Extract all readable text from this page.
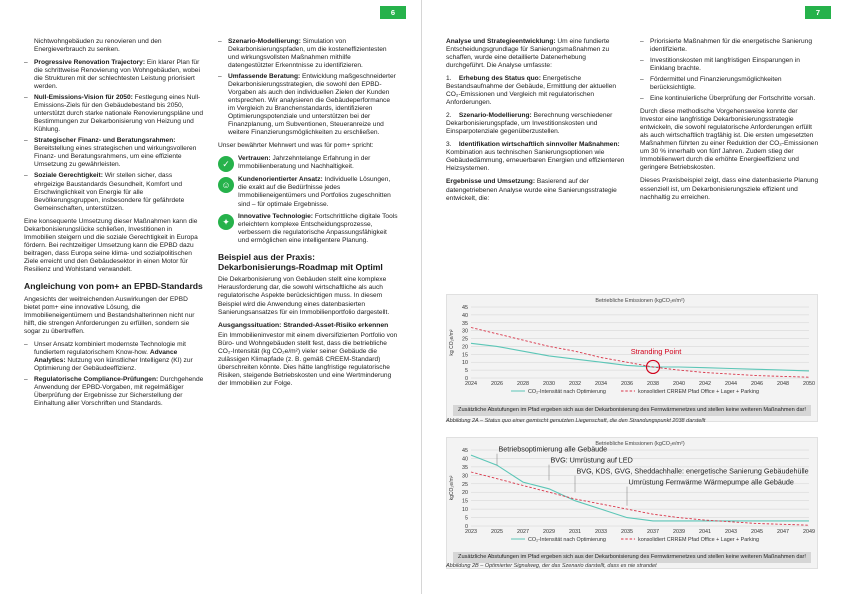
6

Nichtwohngebäuden zu renovieren und den Energieverbrauch zu senken.

– Progressive Renovation Trajectory: Ein klarer Plan für die schrittweise Renovierung von Wohngebäuden, wobei die Strukturen mit der schlechtesten Leistung priorisiert werden.
– Null-Emissions-Vision für 2050: Festlegung eines Null-Emissions-Ziels für den Gebäudebestand bis 2050, unterstützt durch starke nationale Renovierungspläne und Bestimmungen zur Dekarbonisierung von Heizung und Kühlung.
– Strategischer Finanz- und Beratungsrahmen: Bereitstellung eines strategischen und wirkungsvolleren Finanz- und Beratungsrahmens, um eine effiziente Umsetzung zu gewährleisten.
– Soziale Gerechtigkeit: Wir stellen sicher, dass ehrgeizige Baustandards Gesundheit, Komfort und Erschwinglichkeit von Energie für alle Bevölkerungsgruppen, insbesondere für gefährdete Gemeinschaften, unterstützen.

Eine konsequente Umsetzung dieser Maßnahmen kann die Dekarbonisierungslücke schließen, Investitionen in Immobilien steigern und die soziale Gerechtigkeit in Europa fördern. Bei rechtzeitiger Umsetzung kann die EPBD dazu beitragen, dass Europa seine klima- und sozialpolitischen Ziele erreicht und den Gebäudesektor in einen Motor für Resilienz und Wohlstand verwandelt.

Angleichung von pom+ an EPBD-Standards

Angesichts der weitreichenden Auswirkungen der EPBD bietet pom+ eine innovative Lösung, die Immobilieneigentümern und Bestandshalterinnen nicht nur hilft, die strengen Anforderungen zu erfüllen, sondern sie sogar zu übertreffen.

– Unser Ansatz kombiniert modernste Technologie mit fundiertem regulatorischem Know-how. Advance Analytics: Nutzung von künstlicher Intelligenz (KI) zur Optimierung der Gebäudeeffizienz.
– Regulatorische Compliance-Prüfungen: Durchgehende Anwendung der EPBD-Vorgaben, mit regelmäßiger Überprüfung der Ergebnisse zur Sicherstellung der Einhaltung aller Vorschriften und Standards.
– Szenario-Modellierung: Simulation von Dekarbonisierungspfaden, um die kosteneffizientesten und wirkungsvollsten Maßnahmen mithilfe datengestützter Erkenntnisse zu identifizieren.
– Umfassende Beratung: Entwicklung maßgeschneiderter Dekarbonisierungsstrategien, die sowohl den EPBD-Vorgaben als auch den individuellen Zielen der Kunden entsprechen. Wir analysieren die Gebäudeperformance im Vergleich zu Branchenstandards, identifizieren Optimierungspotenziale und unterstützen bei der Finanzplanung, um Subventionen, Steueranreize und weitere Finanzierungsmöglichkeiten zu erschließen.

Unser bewährter Mehrwert und was für pom+ spricht:

✓
Vertrauen: Jahrzehntelange Erfahrung in der Immobilienberatung und Nachhaltigkeit.
☺
Kundenorientierter Ansatz: Individuelle Lösungen, die exakt auf die Bedürfnisse jedes Immobilieneigentümers und Portfolios zugeschnitten sind – für optimale Ergebnisse.
✦
Innovative Technologie: Fortschrittliche digitale Tools erleichtern komplexe Entscheidungsprozesse, verbessern die regulatorische Anpassungsfähigkeit und ermöglichen eine intelligentere Planung.
Beispiel aus der Praxis: Dekarbonisierungs-Roadmap mit OptimI

Die Dekarbonisierung von Gebäuden stellt eine komplexe Herausforderung dar, die sowohl wirtschaftliche als auch regulatorische Aspekte berücksichtigen muss. In diesem Beispiel wird die Anwendung eines datenbasierten Sanierungsansatzes für ein Immobilienportfolio dargestellt.

Ausgangssituation: Stranded-Asset-Risiko erkennen

Ein Immobilieninvestor mit einem diversifizierten Portfolio von Büro- und Wohngebäuden stellt fest, dass die betriebliche CO₂-Intensität (kg CO₂e/m²) vieler seiner Gebäude die zulässigen Klimapfade (z. B. gemäß CREEM-Standard) überschreiten könnte. Dies hätte langfristige regulatorische Risiken, steigende Betriebskosten und eine Wertminderung der Immobilien zur Folge.

7

Analyse und Strategieentwicklung: Um eine fundierte Entscheidungsgrundlage für Sanierungsmaßnahmen zu schaffen, wurde eine detaillierte Datenerhebung durchgeführt. Die Analyse umfasste:

1. Erhebung des Status quo: Energetische Bestandsaufnahme der Gebäude, Ermittlung der aktuellen CO₂-Emissionen und Vergleich mit regulatorischen Anforderungen.
2. Szenario-Modellierung: Berechnung verschiedener Dekarbonisierungspfade, um Investitionskosten und Einsparpotenziale gegenüberzustellen.
3. Identifikation wirtschaftlich sinnvoller Maßnahmen: Kombination aus technischen Sanierungsoptionen wie Gebäudedämmung, erneuerbaren Energien und effizienteren Heizsystemen.

Ergebnisse und Umsetzung: Basierend auf der datengetriebenen Analyse wurde eine Sanierungsstrategie entwickelt, die:

– Priorisierte Maßnahmen für die energetische Sanierung identifizierte.
– Investitionskosten mit langfristigen Einsparungen in Einklang brachte.
– Fördermittel und Finanzierungsmöglichkeiten berücksichtigte.
– Eine kontinuierliche Überprüfung der Fortschritte vorsah.

Durch diese methodische Vorgehensweise konnte der Investor eine langfristige Dekarbonisierungsstrategie entwickeln, die sowohl regulatorische Anforderungen erfüllt als auch wirtschaftlich tragfähig ist. Die ersten umgesetzten Maßnahmen führten zu einer Reduktion der CO₂-Emissionen um 30 % innerhalb von fünf Jahren. Zudem stieg der Immobilienwert durch die erhöhte Energieeffizienz und geringere Betriebskosten.

Dieses Praxisbeispiel zeigt, dass eine datenbasierte Planung essenziell ist, um Dekarbonisierungsziele effizient und nachhaltig zu erreichen.

Betriebliche Emissionen (kgCO₂e/m²)
0
5
10
15
20
25
30
35
40
45
2024	2026	2028	2030	2032	2034	2036	2038	2040	2042	2044	2046	2048	2050
kg CO₂e/m²
CO₂-Intensität nach Optimierung	konsolidiert CRREM Pfad Office + Lager + Parking
Stranding Point
Zusätzliche Abstufungen im Pfad ergeben sich aus der Dekarbonisierung des Fernwärmenetzes und stellen keine weiteren Maßnahmen dar!
Abbildung 2A – Status quo einer gemischt genutzten Liegenschaft, die den Strandungspunkt 2038 darstellt
Betriebliche Emissionen (kgCO₂e/m²)
0
5
10
15
20
25
30
35
40
45
2023	2025	2027	2029	2031	2033	2035	2037	2039	2041	2043	2045	2047	2049
kgCO₂e/m²
CO₂-Intensität nach Optimierung	konsolidiert CRREM Pfad Office + Lager + Parking
Betriebsoptimierung alle Gebäude
BVG: Umrüstung auf LED
BVG, KDS, GVG, Sheddachhalle: energetische Sanierung Gebäudehülle
Umrüstung Fernwärme Wärmepumpe alle Gebäude
Zusätzliche Abstufungen im Pfad ergeben sich aus der Dekarbonisierung des Fernwärmenetzes und stellen keine weiteren Maßnahmen dar!
Abbildung 2B – Optimierter Signalweg, der das Szenario darstellt, dass es nie strandet
